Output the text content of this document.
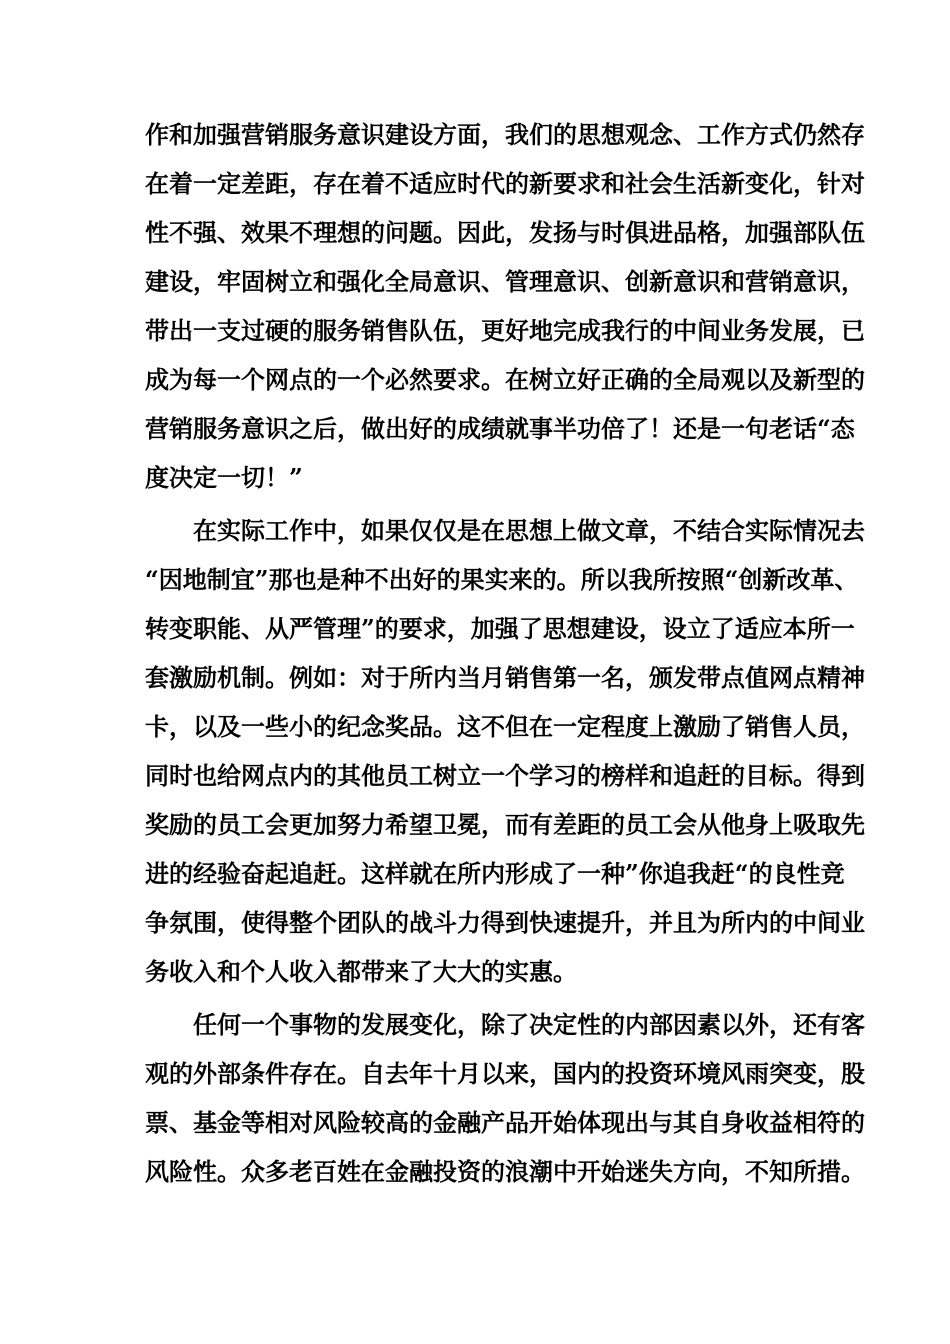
作和加强营销服务意识建设方面，我们的思想观念、工作方式仍然存
在着一定差距，存在着不适应时代的新要求和社会生活新变化，针对
性不强、效果不理想的问题。因此，发扬与时俱进品格，加强部队伍
建设，牢固树立和强化全局意识、管理意识、创新意识和营销意识，
带出一支过硬的服务销售队伍，更好地完成我行的中间业务发展，已
成为每一个网点的一个必然要求。在树立好正确的全局观以及新型的
营销服务意识之后，做出好的成绩就事半功倍了！还是一句老话“态
度决定一切！”
在实际工作中，如果仅仅是在思想上做文章，不结合实际情况去
“因地制宜”那也是种不出好的果实来的。所以我所按照“创新改革、
转变职能、从严管理”的要求，加强了思想建设，设立了适应本所一
套激励机制。例如：对于所内当月销售第一名，颁发带点值网点精神
卡，以及一些小的纪念奖品。这不但在一定程度上激励了销售人员，
同时也给网点内的其他员工树立一个学习的榜样和追赶的目标。得到
奖励的员工会更加努力希望卫冕，而有差距的员工会从他身上吸取先
进的经验奋起追赶。这样就在所内形成了一种”你追我赶“的良性竞
争氛围，使得整个团队的战斗力得到快速提升，并且为所内的中间业
务收入和个人收入都带来了大大的实惠。
任何一个事物的发展变化，除了决定性的内部因素以外，还有客
观的外部条件存在。自去年十月以来，国内的投资环境风雨突变，股
票、基金等相对风险较高的金融产品开始体现出与其自身收益相符的
风险性。众多老百姓在金融投资的浪潮中开始迷失方向，不知所措。
